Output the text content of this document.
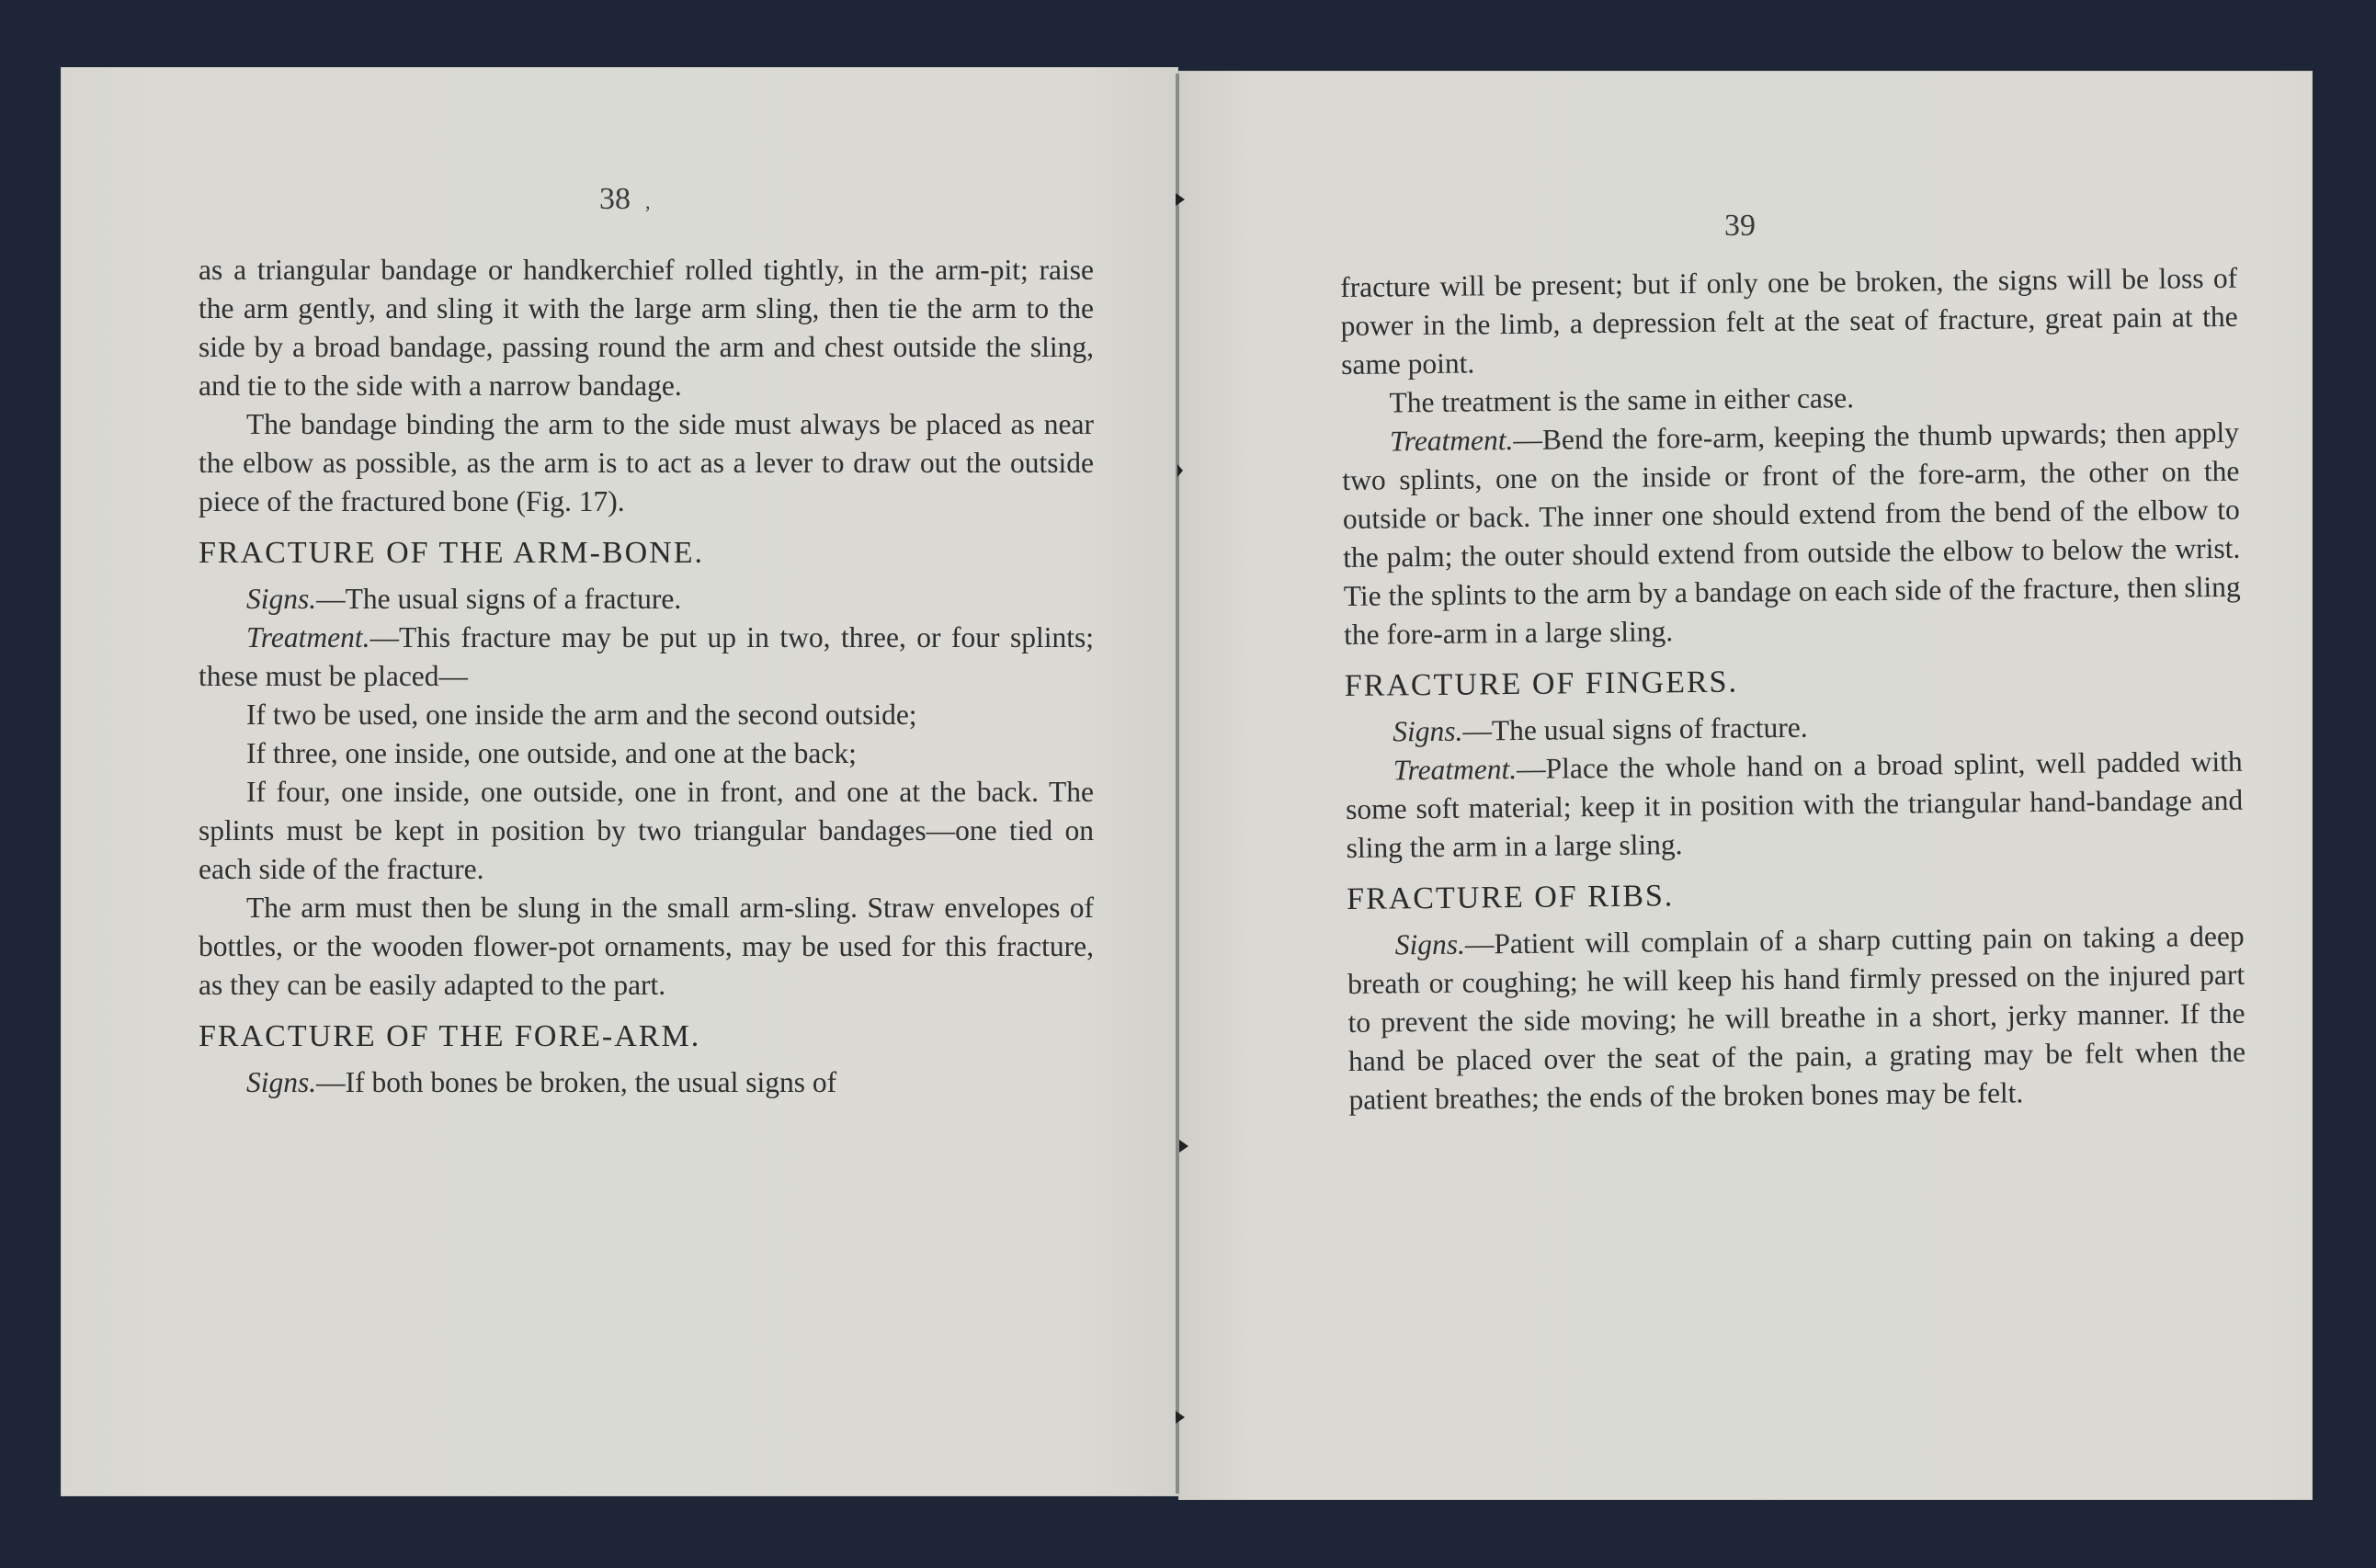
38 ,

as a triangular bandage or handkerchief rolled tightly, in the arm-pit; raise the arm gently, and sling it with the large arm sling, then tie the arm to the side by a broad bandage, passing round the arm and chest outside the sling, and tie to the side with a narrow bandage.

The bandage binding the arm to the side must always be placed as near the elbow as possible, as the arm is to act as a lever to draw out the outside piece of the fractured bone (Fig. 17).

FRACTURE OF THE ARM-BONE.

Signs.—The usual signs of a fracture.

Treatment.—This fracture may be put up in two, three, or four splints; these must be placed—

If two be used, one inside the arm and the second outside;

If three, one inside, one outside, and one at the back;

If four, one inside, one outside, one in front, and one at the back. The splints must be kept in position by two triangular bandages—one tied on each side of the fracture.

The arm must then be slung in the small arm-sling. Straw envelopes of bottles, or the wooden flower-pot ornaments, may be used for this fracture, as they can be easily adapted to the part.

FRACTURE OF THE FORE-ARM.

Signs.—If both bones be broken, the usual signs of

39

fracture will be present; but if only one be broken, the signs will be loss of power in the limb, a depression felt at the seat of fracture, great pain at the same point.

The treatment is the same in either case.

Treatment.—Bend the fore-arm, keeping the thumb upwards; then apply two splints, one on the inside or front of the fore-arm, the other on the outside or back. The inner one should extend from the bend of the elbow to the palm; the outer should extend from outside the elbow to below the wrist. Tie the splints to the arm by a bandage on each side of the fracture, then sling the fore-arm in a large sling.

FRACTURE OF FINGERS.

Signs.—The usual signs of fracture.

Treatment.—Place the whole hand on a broad splint, well padded with some soft material; keep it in position with the triangular hand-bandage and sling the arm in a large sling.

FRACTURE OF RIBS.

Signs.—Patient will complain of a sharp cutting pain on taking a deep breath or coughing; he will keep his hand firmly pressed on the injured part to prevent the side moving; he will breathe in a short, jerky manner. If the hand be placed over the seat of the pain, a grating may be felt when the patient breathes; the ends of the broken bones may be felt.
